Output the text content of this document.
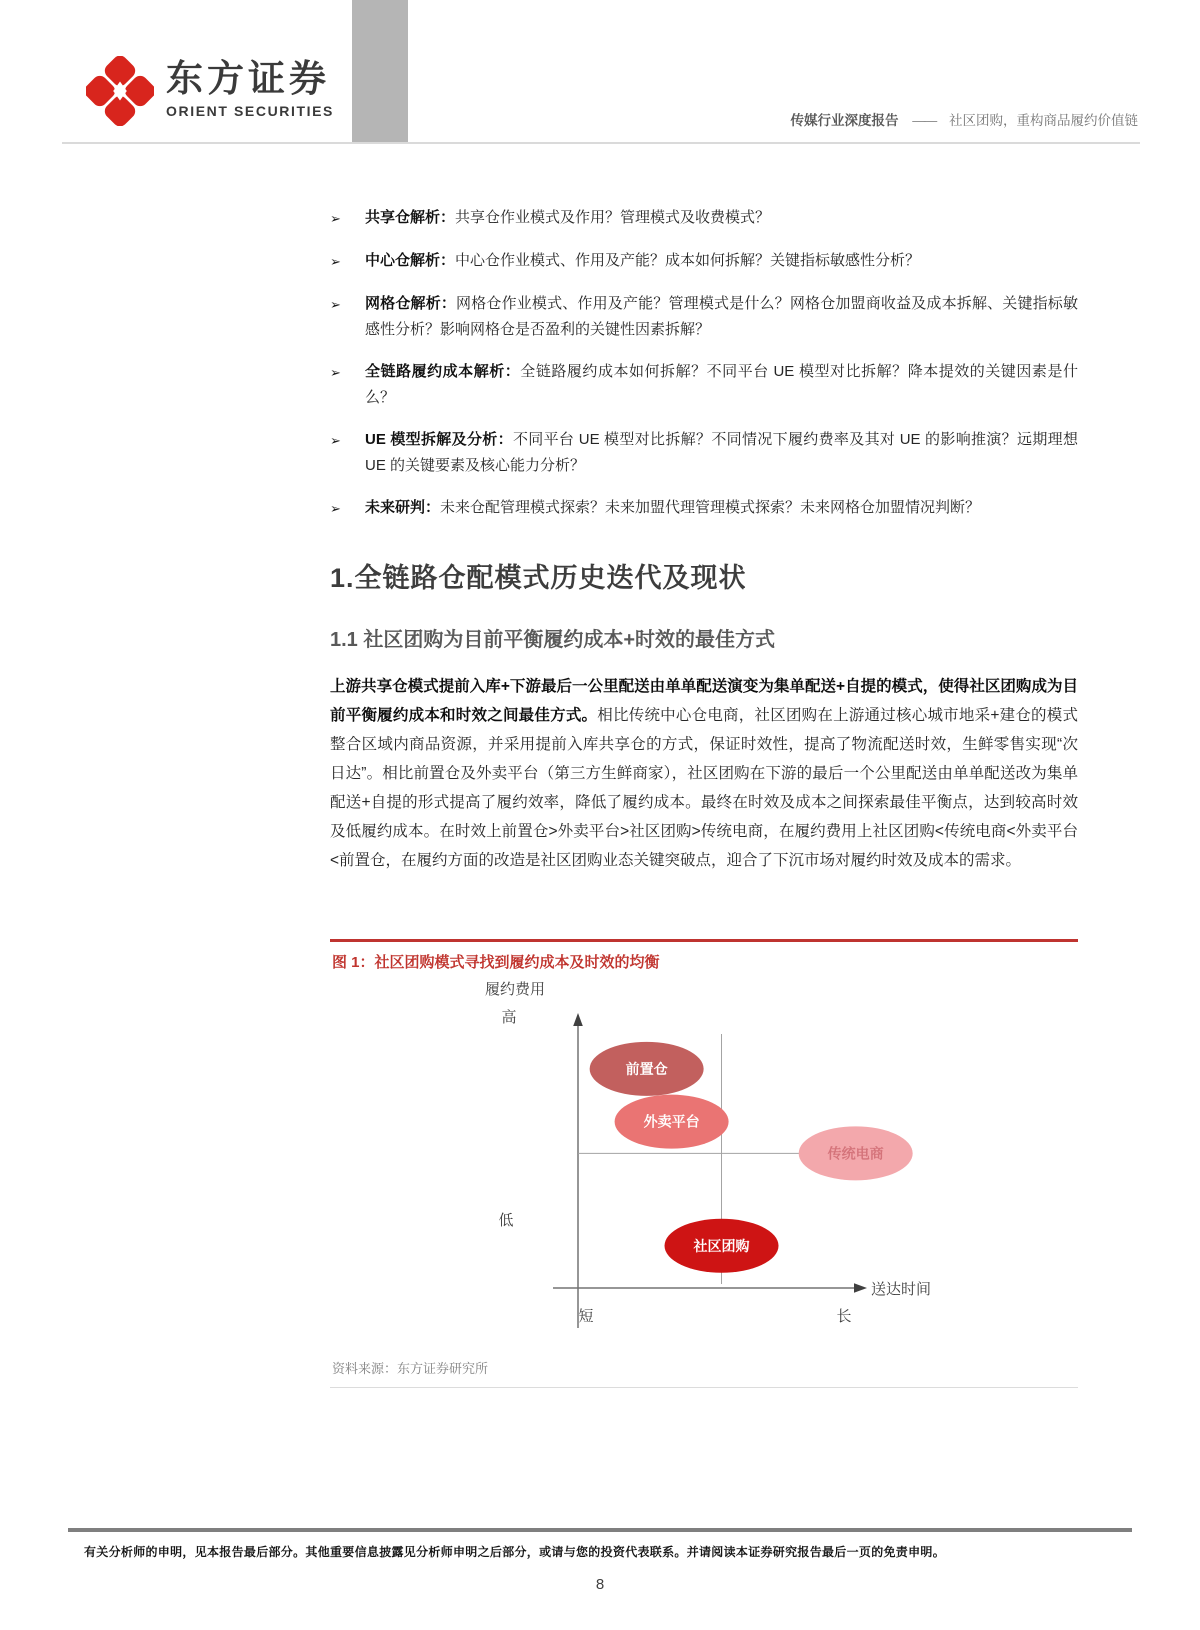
东方证券
ORIENT SECURITIES
传媒行业深度报告 —— 社区团购，重构商品履约价值链
➢	共享仓解析：共享仓作业模式及作用？管理模式及收费模式？
➢	中心仓解析：中心仓作业模式、作用及产能？成本如何拆解？关键指标敏感性分析？
➢	网格仓解析：网格仓作业模式、作用及产能？管理模式是什么？网格仓加盟商收益及成本拆解、关键指标敏感性分析？影响网格仓是否盈利的关键性因素拆解？
➢	全链路履约成本解析：全链路履约成本如何拆解？不同平台 UE 模型对比拆解？降本提效的关键因素是什么？
➢	UE 模型拆解及分析：不同平台 UE 模型对比拆解？不同情况下履约费率及其对 UE 的影响推演？远期理想 UE 的关键要素及核心能力分析？
➢	未来研判：未来仓配管理模式探索？未来加盟代理管理模式探索？未来网格仓加盟情况判断？
1.全链路仓配模式历史迭代及现状
1.1 社区团购为目前平衡履约成本+时效的最佳方式

上游共享仓模式提前入库+下游最后一公里配送由单单配送演变为集单配送+自提的模式，使得社区团购成为目前平衡履约成本和时效之间最佳方式。相比传统中心仓电商，社区团购在上游通过核心城市地采+建仓的模式整合区域内商品资源，并采用提前入库共享仓的方式，保证时效性，提高了物流配送时效，生鲜零售实现“次日达”。相比前置仓及外卖平台（第三方生鲜商家），社区团购在下游的最后一个公里配送由单单配送改为集单配送+自提的形式提高了履约效率，降低了履约成本。最终在时效及成本之间探索最佳平衡点，达到较高时效及低履约成本。在时效上前置仓>外卖平台>社区团购>传统电商，在履约费用上社区团购<传统电商<外卖平台<前置仓，在履约方面的改造是社区团购业态关键突破点，迎合了下沉市场对履约时效及成本的需求。

图 1：社区团购模式寻找到履约成本及时效的均衡
履约费用
高
低
送达时间
短	长
前置仓
外卖平台
传统电商
社区团购
资料来源：东方证券研究所
有关分析师的申明，见本报告最后部分。其他重要信息披露见分析师申明之后部分，或请与您的投资代表联系。并请阅读本证券研究报告最后一页的免责申明。
8
